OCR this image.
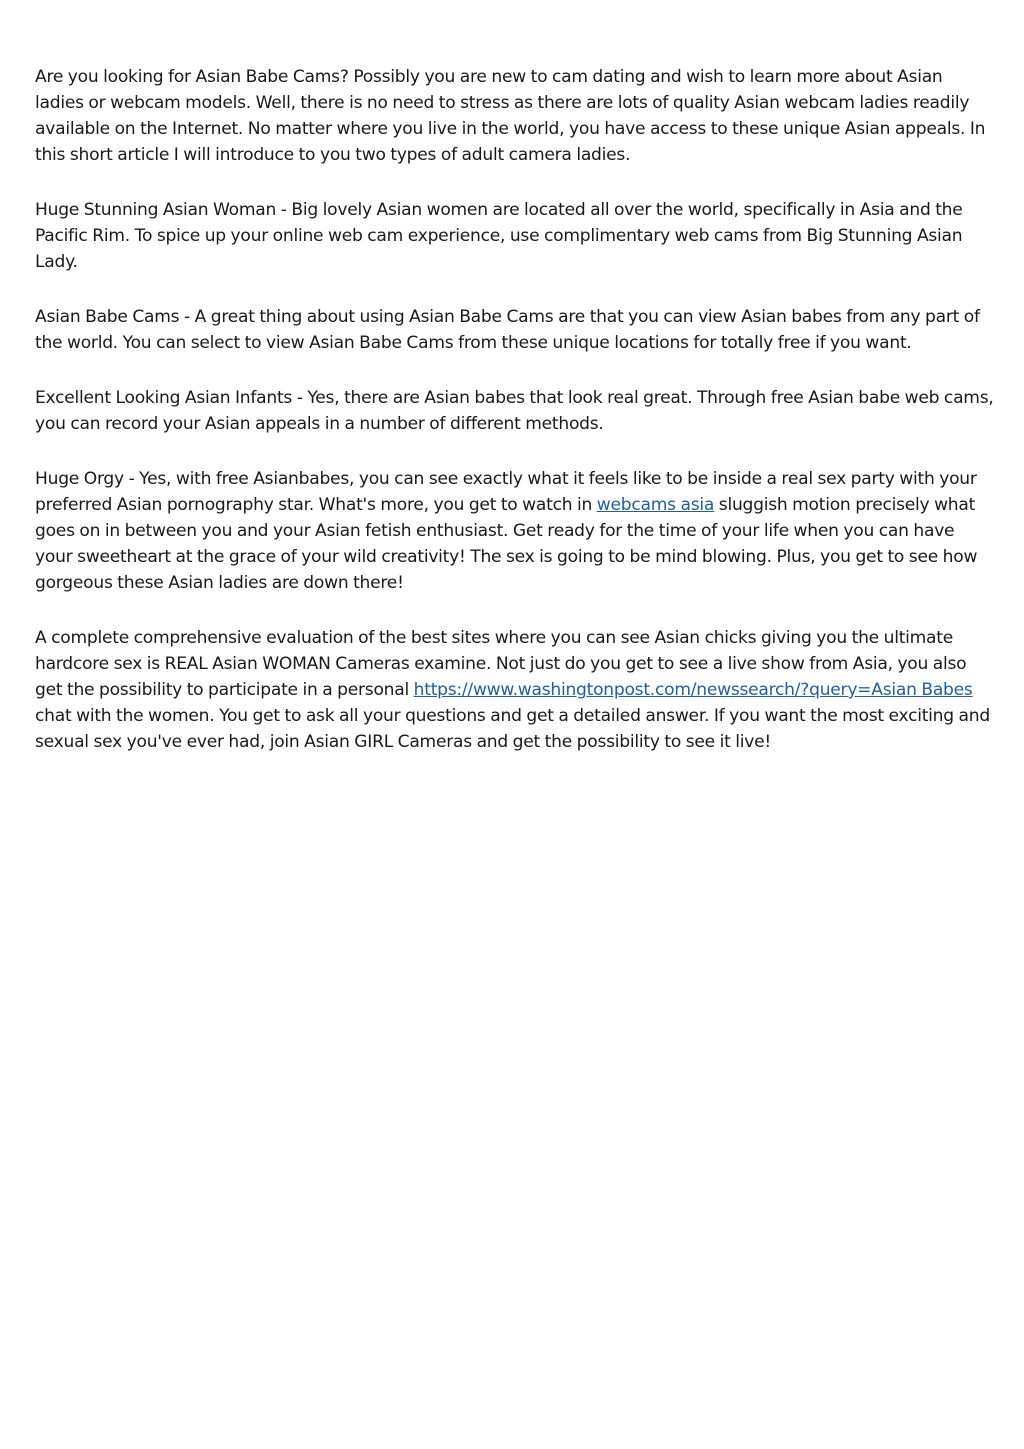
Are you looking for Asian Babe Cams? Possibly you are new to cam dating and wish to learn more about Asian ladies or webcam models. Well, there is no need to stress as there are lots of quality Asian webcam ladies readily available on the Internet. No matter where you live in the world, you have access to these unique Asian appeals. In this short article I will introduce to you two types of adult camera ladies.

Huge Stunning Asian Woman - Big lovely Asian women are located all over the world, specifically in Asia and the Pacific Rim. To spice up your online web cam experience, use complimentary web cams from Big Stunning Asian Lady.

Asian Babe Cams - A great thing about using Asian Babe Cams are that you can view Asian babes from any part of the world. You can select to view Asian Babe Cams from these unique locations for totally free if you want.

Excellent Looking Asian Infants - Yes, there are Asian babes that look real great. Through free Asian babe web cams, you can record your Asian appeals in a number of different methods.

Huge Orgy - Yes, with free Asianbabes, you can see exactly what it feels like to be inside a real sex party with your preferred Asian pornography star. What's more, you get to watch in webcams asia sluggish motion precisely what goes on in between you and your Asian fetish enthusiast. Get ready for the time of your life when you can have your sweetheart at the grace of your wild creativity! The sex is going to be mind blowing. Plus, you get to see how gorgeous these Asian ladies are down there!

A complete comprehensive evaluation of the best sites where you can see Asian chicks giving you the ultimate hardcore sex is REAL Asian WOMAN Cameras examine. Not just do you get to see a live show from Asia, you also get the possibility to participate in a personal https://www.washingtonpost.com/newssearch/?query=Asian Babes chat with the women. You get to ask all your questions and get a detailed answer. If you want the most exciting and sexual sex you've ever had, join Asian GIRL Cameras and get the possibility to see it live!
